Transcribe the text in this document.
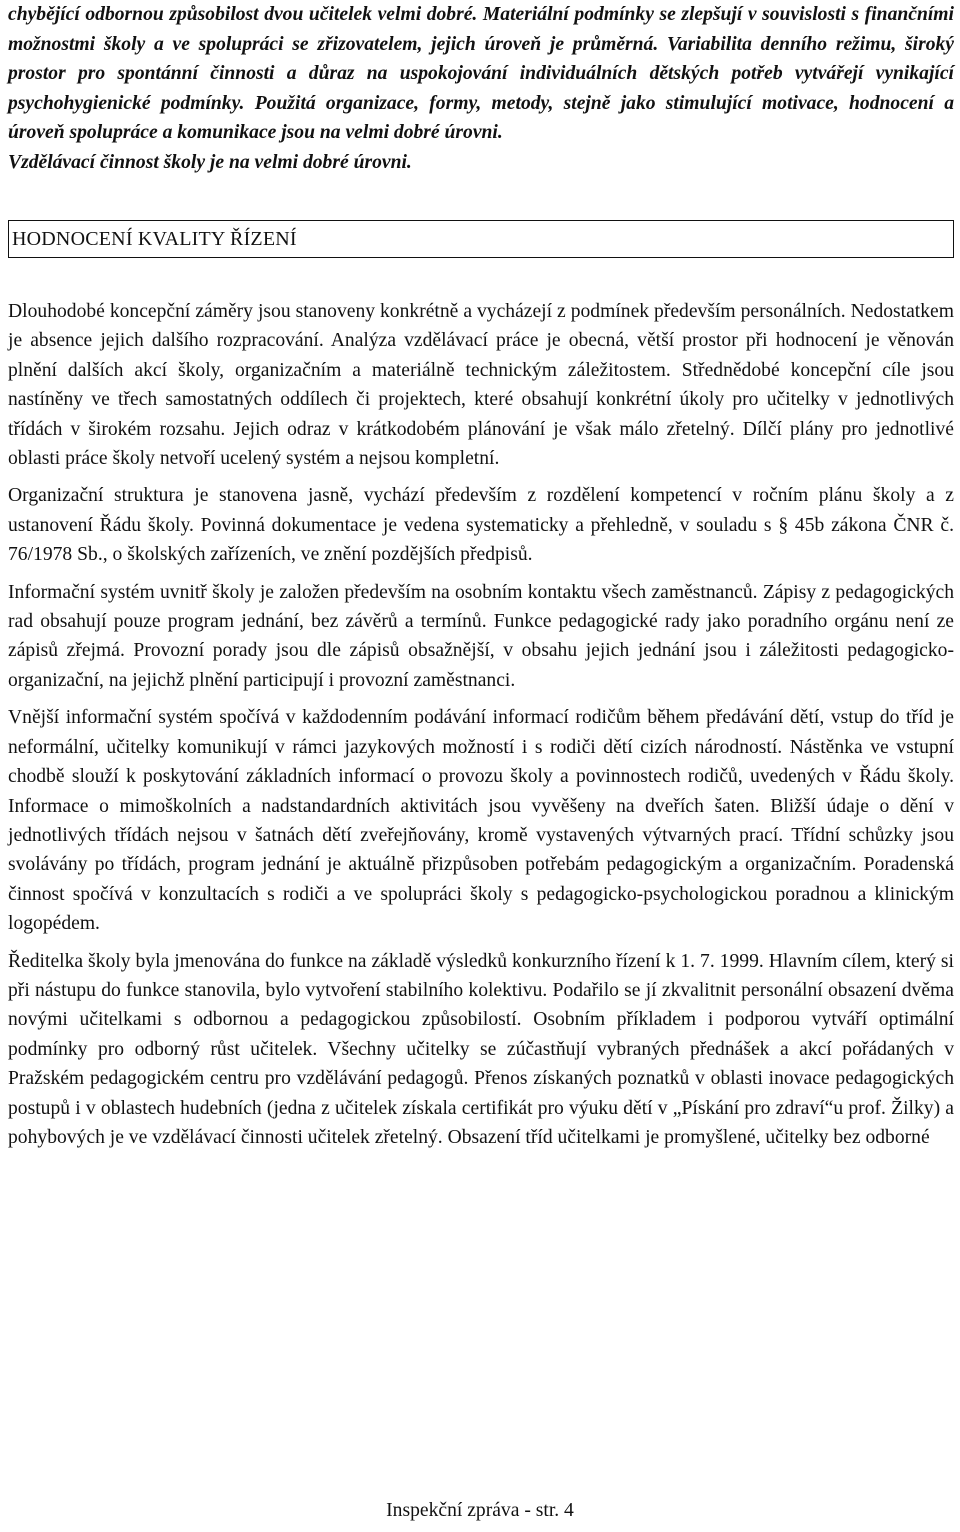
chybějící odbornou způsobilost dvou učitelek velmi dobré. Materiální podmínky se zlepšují v souvislosti s finančními možnostmi školy a ve spolupráci se zřizovatelem, jejich úroveň je průměrná. Variabilita denního režimu, široký prostor pro spontánní činnosti a důraz na uspokojování individuálních dětských potřeb vytvářejí vynikající psychohygienické podmínky. Použitá organizace, formy, metody, stejně jako stimulující motivace, hodnocení a úroveň spolupráce a komunikace jsou na velmi dobré úrovni.

Vzdělávací činnost školy je na velmi dobré úrovni.

HODNOCENÍ KVALITY ŘÍZENÍ

Dlouhodobé koncepční záměry jsou stanoveny konkrétně a vycházejí z podmínek především personálních. Nedostatkem je absence jejich dalšího rozpracování. Analýza vzdělávací práce je obecná, větší prostor při hodnocení je věnován plnění dalších akcí školy, organizačním a materiálně technickým záležitostem. Střednědobé koncepční cíle jsou nastíněny ve třech samostatných oddílech či projektech, které obsahují konkrétní úkoly pro učitelky v jednotlivých třídách v širokém rozsahu. Jejich odraz v krátkodobém plánování je však málo zřetelný. Dílčí plány pro jednotlivé oblasti práce školy netvoří ucelený systém a nejsou kompletní.

Organizační struktura je stanovena jasně, vychází především z rozdělení kompetencí v ročním plánu školy a z ustanovení Řádu školy. Povinná dokumentace je vedena systematicky a přehledně, v souladu s § 45b zákona ČNR č. 76/1978 Sb., o školských zařízeních, ve znění pozdějších předpisů.

Informační systém uvnitř školy je založen především na osobním kontaktu všech zaměstnanců. Zápisy z pedagogických rad obsahují pouze program jednání, bez závěrů a termínů. Funkce pedagogické rady jako poradního orgánu není ze zápisů zřejmá. Provozní porady jsou dle zápisů obsažnější, v obsahu jejich jednání jsou i záležitosti pedagogicko-organizační, na jejichž plnění participují i provozní zaměstnanci.

Vnější informační systém spočívá v každodenním podávání informací rodičům během předávání dětí, vstup do tříd je neformální, učitelky komunikují v rámci jazykových možností i s rodiči dětí cizích národností. Nástěnka ve vstupní chodbě slouží k poskytování základních informací o provozu školy a povinnostech rodičů, uvedených v Řádu školy. Informace o mimoškolních a nadstandardních aktivitách jsou vyvěšeny na dveřích šaten. Bližší údaje o dění v jednotlivých třídách nejsou v šatnách dětí zveřejňovány, kromě vystavených výtvarných prací. Třídní schůzky jsou svolávány po třídách, program jednání je aktuálně přizpůsoben potřebám pedagogickým a organizačním. Poradenská činnost spočívá v konzultacích s rodiči a ve spolupráci školy s pedagogicko-psychologickou poradnou a klinickým logopédem.

Ředitelka školy byla jmenována do funkce na základě výsledků konkurzního řízení k 1. 7. 1999. Hlavním cílem, který si při nástupu do funkce stanovila, bylo vytvoření stabilního kolektivu. Podařilo se jí zkvalitnit personální obsazení dvěma novými učitelkami s odbornou a pedagogickou způsobilostí. Osobním příkladem i podporou vytváří optimální podmínky pro odborný růst učitelek. Všechny učitelky se zúčastňují vybraných přednášek a akcí pořádaných v Pražském pedagogickém centru pro vzdělávání pedagogů. Přenos získaných poznatků v oblasti inovace pedagogických postupů i v oblastech hudebních (jedna z učitelek získala certifikát pro výuku dětí v „Pískání pro zdraví“u prof. Žilky) a pohybových je ve vzdělávací činnosti učitelek zřetelný. Obsazení tříd učitelkami je promyšlené, učitelky bez odborné

Inspekční zpráva - str. 4
